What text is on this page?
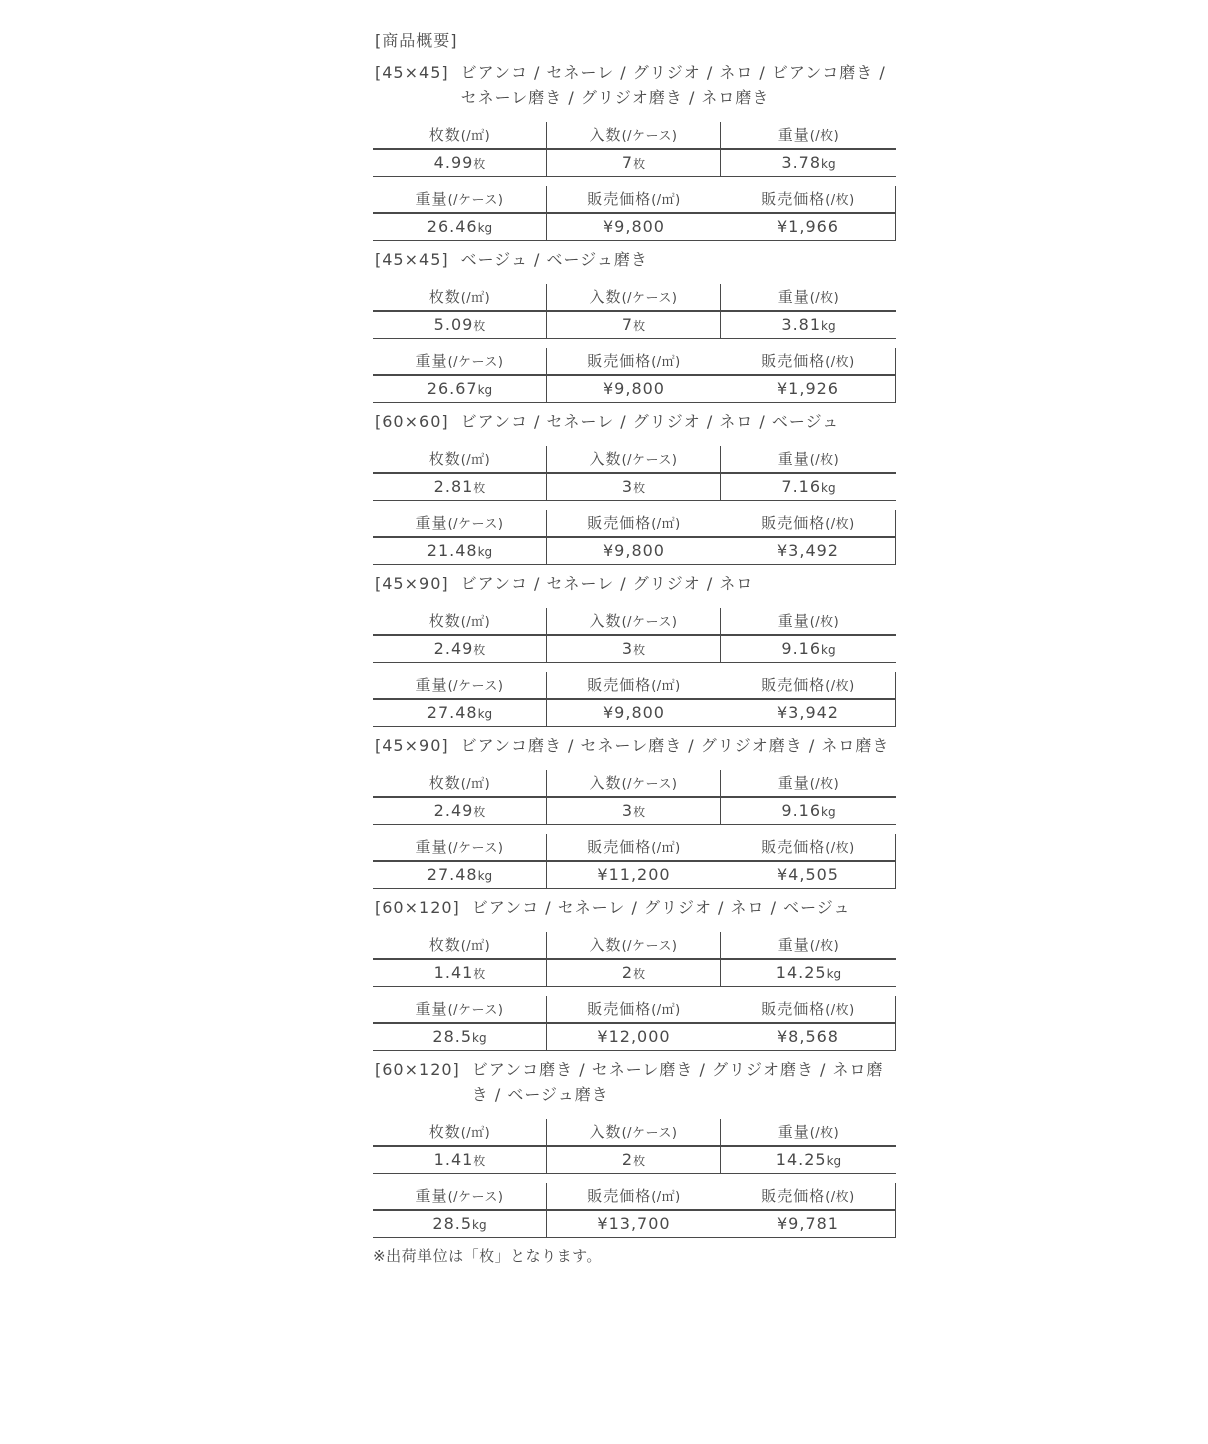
[商品概要]
[45×45] ビアンコ / セネーレ / グリジオ / ネロ / ビアンコ磨き / セネーレ磨き / グリジオ磨き / ネロ磨き
枚数(/㎡)	入数(/ケース)	重量(/枚)
4.99枚	7枚	3.78kg
重量(/ケース)	販売価格(/㎡)	販売価格(/枚)
26.46kg	¥9,800	¥1,966
[45×45] ベージュ / ベージュ磨き
枚数(/㎡)	入数(/ケース)	重量(/枚)
5.09枚	7枚	3.81kg
重量(/ケース)	販売価格(/㎡)	販売価格(/枚)
26.67kg	¥9,800	¥1,926
[60×60] ビアンコ / セネーレ / グリジオ / ネロ / ベージュ
枚数(/㎡)	入数(/ケース)	重量(/枚)
2.81枚	3枚	7.16kg
重量(/ケース)	販売価格(/㎡)	販売価格(/枚)
21.48kg	¥9,800	¥3,492
[45×90] ビアンコ / セネーレ / グリジオ / ネロ
枚数(/㎡)	入数(/ケース)	重量(/枚)
2.49枚	3枚	9.16kg
重量(/ケース)	販売価格(/㎡)	販売価格(/枚)
27.48kg	¥9,800	¥3,942
[45×90] ビアンコ磨き / セネーレ磨き / グリジオ磨き / ネロ磨き
枚数(/㎡)	入数(/ケース)	重量(/枚)
2.49枚	3枚	9.16kg
重量(/ケース)	販売価格(/㎡)	販売価格(/枚)
27.48kg	¥11,200	¥4,505
[60×120] ビアンコ / セネーレ / グリジオ / ネロ / ベージュ
枚数(/㎡)	入数(/ケース)	重量(/枚)
1.41枚	2枚	14.25kg
重量(/ケース)	販売価格(/㎡)	販売価格(/枚)
28.5kg	¥12,000	¥8,568
[60×120] ビアンコ磨き / セネーレ磨き / グリジオ磨き / ネロ磨き / ベージュ磨き
枚数(/㎡)	入数(/ケース)	重量(/枚)
1.41枚	2枚	14.25kg
重量(/ケース)	販売価格(/㎡)	販売価格(/枚)
28.5kg	¥13,700	¥9,781
※出荷単位は「枚」となります。
